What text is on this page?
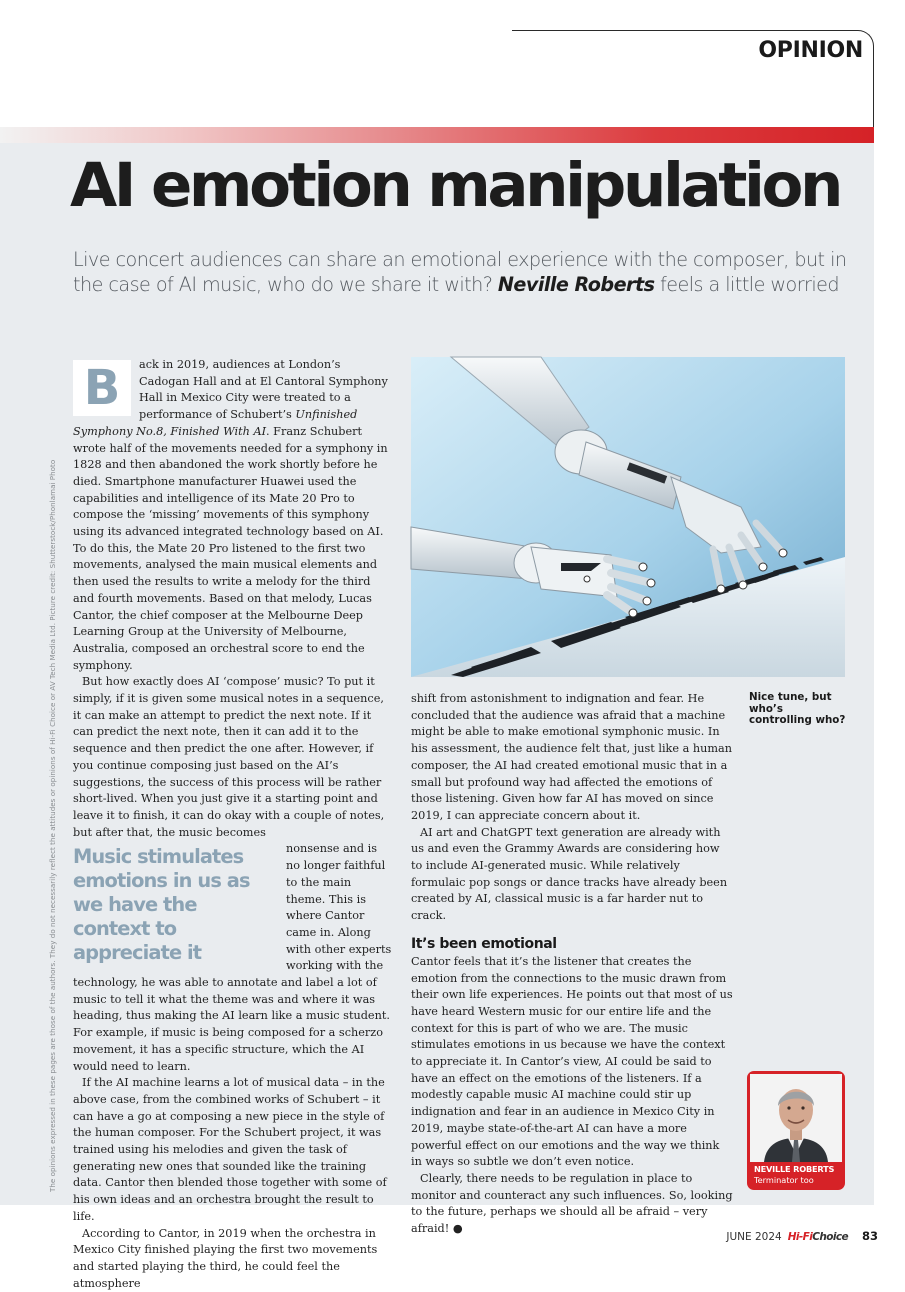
OPINION
AI emotion manipulation

Live concert audiences can share an emotional experience with the composer, but in the case of AI music, who do we share it with? Neville Roberts feels a little worried

The opinions expressed in these pages are those of the authors. They do not necessarily reflect the attitudes or opinions of Hi-Fi Choice or AV Tech Media Ltd. Picture credit: Shutterstock/Phonlamai Photo

B	ack in 2019, audiences at London’s Cadogan Hall and at El Cantoral Symphony Hall in Mexico City were treated to a performance of Schubert’s Unfinished Symphony No.8, Finished With AI. Franz Schubert wrote half of the movements needed for a symphony in 1828 and then abandoned the work shortly before he died. Smartphone manufacturer Huawei used the capabilities and intelligence of its Mate 20 Pro to compose the ‘missing’ movements of this symphony using its advanced integrated technology based on AI. To do this, the Mate 20 Pro listened to the first two movements, analysed the main musical elements and then used the results to write a melody for the third and fourth movements. Based on that melody, Lucas Cantor, the chief composer at the Melbourne Deep Learning Group at the University of Melbourne, Australia, composed an orchestral score to end the symphony.

But how exactly does AI ‘compose’ music? To put it simply, if it is given some musical notes in a sequence, it can make an attempt to predict the next note. If it can predict the next note, then it can add it to the sequence and then predict the one after. However, if you continue composing just based on the AI’s suggestions, the success of this process will be rather short-lived. When you just give it a starting point and leave it to finish, it can do okay with a couple of notes, but after that, the music becomes

Music stimulates emotions in us as we have the context to appreciate it
nonsense and is no longer faithful to the main theme. This is where Cantor came in. Along with other experts working with the technology, he was able to annotate and label a lot of music to tell it what the theme was and where it was heading, thus making the AI learn like a music student. For example, if music is being composed for a scherzo movement, it has a specific structure, which the AI would need to learn.

If the AI machine learns a lot of musical data – in the above case, from the combined works of Schubert – it can have a go at composing a new piece in the style of the human composer. For the Schubert project, it was trained using his melodies and given the task of generating new ones that sounded like the training data. Cantor then blended those together with some of his own ideas and an orchestra brought the result to life.

According to Cantor, in 2019 when the orchestra in Mexico City finished playing the first two movements and started playing the third, he could feel the atmosphere

Nice tune, but who’s controlling who?

shift from astonishment to indignation and fear. He concluded that the audience was afraid that a machine might be able to make emotional symphonic music. In his assessment, the audience felt that, just like a human composer, the AI had created emotional music that in a small but profound way had affected the emotions of those listening. Given how far AI has moved on since 2019, I can appreciate concern about it.

AI art and ChatGPT text generation are already with us and even the Grammy Awards are considering how to include AI-generated music. While relatively formulaic pop songs or dance tracks have already been created by AI, classical music is a far harder nut to crack.

It’s been emotional

Cantor feels that it’s the listener that creates the emotion from the connections to the music drawn from their own life experiences. He points out that most of us have heard Western music for our entire life and the context for this is part of who we are. The music stimulates emotions in us because we have the context to appreciate it. In Cantor’s view, AI could be said to have an effect on the emotions of the listeners. If a modestly capable music AI machine could stir up indignation and fear in an audience in Mexico City in 2019, maybe state-of-the-art AI can have a more powerful effect on our emotions and the way we think in ways so subtle we don’t even notice.

Clearly, there needs to be regulation in place to monitor and counteract any such influences. So, looking to the future, perhaps we should all be afraid – very afraid! ●

NEVILLE ROBERTS
Terminator too
JUNE 2024 Hi-FiChoice 83
